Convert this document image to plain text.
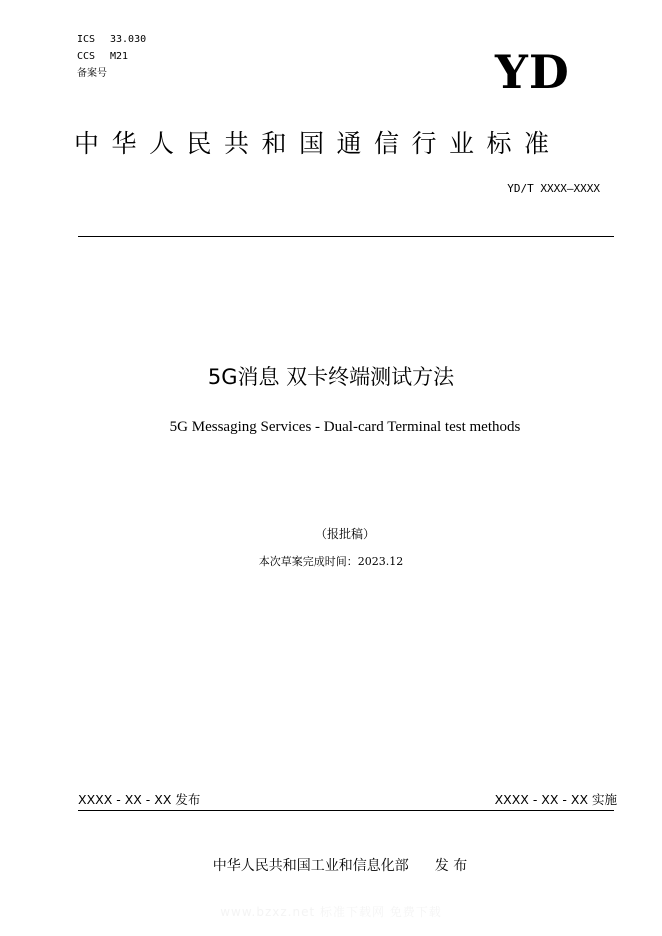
ICS	33.030
CCS	M21
备案号	YD
中华人民共和国通信行业标准
YD/T XXXX—XXXX
5G消息 双卡终端测试方法
5G Messaging Services - Dual-card Terminal test methods
（报批稿）
本次草案完成时间：2023.12
XXXX - XX - XX 发布	XXXX - XX - XX 实施
中华人民共和国工业和信息化部 发 布
www.bzxz.net 标准下载网 免费下载
